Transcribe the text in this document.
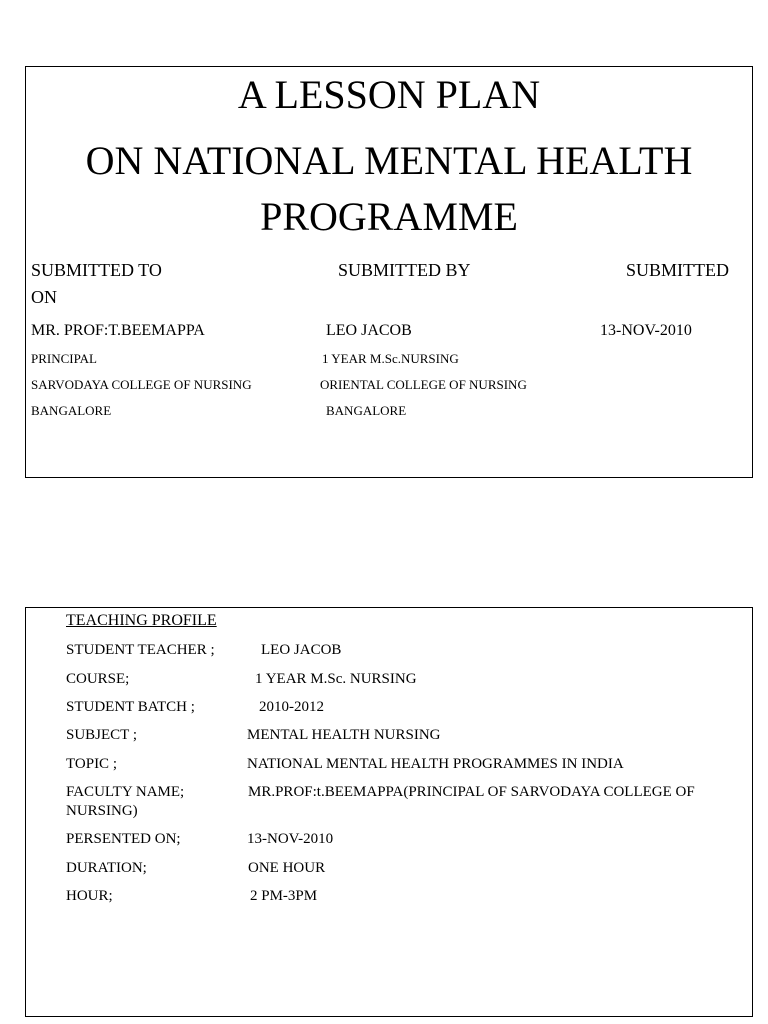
A LESSON PLAN
ON NATIONAL MENTAL HEALTH
PROGRAMME
SUBMITTED TO	SUBMITTED BY	SUBMITTED
ON
MR. PROF:T.BEEMAPPA	LEO JACOB	13-NOV-2010
PRINCIPAL	1 YEAR M.Sc.NURSING
SARVODAYA COLLEGE OF NURSING	ORIENTAL COLLEGE OF NURSING
BANGALORE	BANGALORE
TEACHING PROFILE
STUDENT TEACHER ;	LEO JACOB
COURSE;	1 YEAR M.Sc. NURSING
STUDENT BATCH ;	2010-2012
SUBJECT ;	MENTAL HEALTH NURSING
TOPIC ;	NATIONAL MENTAL HEALTH PROGRAMMES IN INDIA
FACULTY NAME;	MR.PROF:t.BEEMAPPA(PRINCIPAL OF SARVODAYA COLLEGE OF
NURSING)
PERSENTED ON;	13-NOV-2010
DURATION;	ONE HOUR
HOUR;	2 PM-3PM
